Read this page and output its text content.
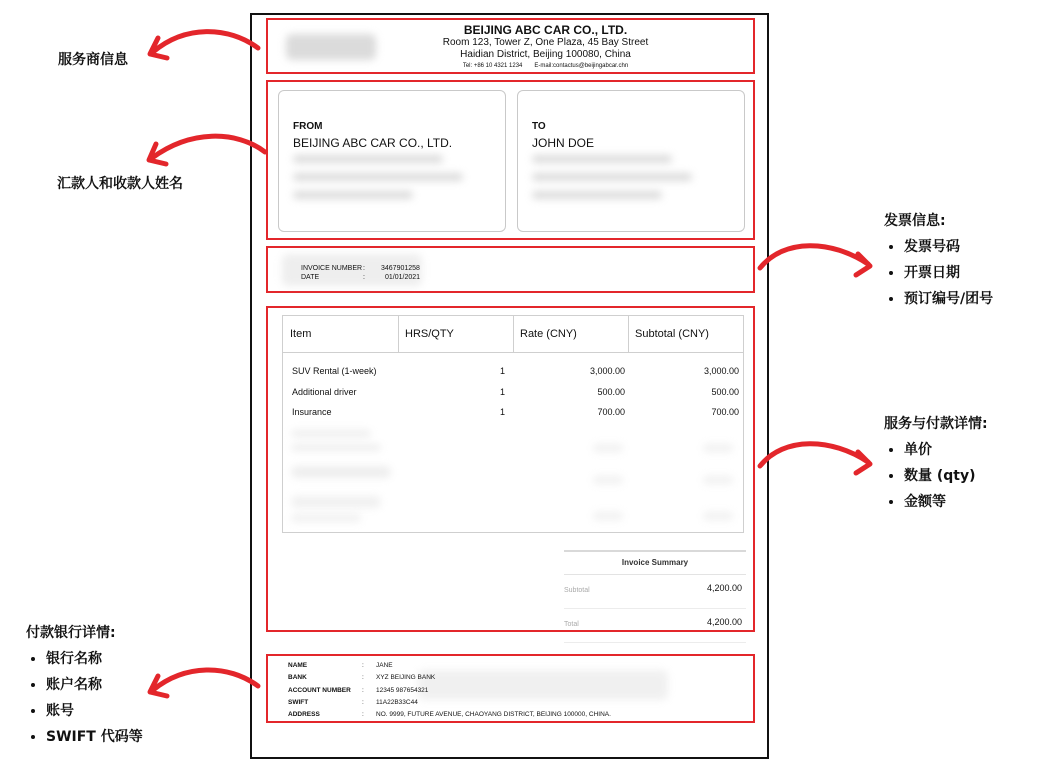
BEIJING ABC CAR CO., LTD.
Room 123, Tower Z, One Plaza, 45 Bay Street
Haidian District, Beijing 100080, China
Tel: +86 10 4321 1234 E-mail:contactus@beijingabcar.chn
FROM
BEIJING ABC CAR CO., LTD.
TO
JOHN DOE
INVOICE NUMBER : 3467901258
DATE	:	01/01/2021
Item	HRS/QTY	Rate (CNY)	Subtotal (CNY)
SUV Rental (1-week)	1	3,000.00	3,000.00
Additional driver	1	500.00	500.00
Insurance	1	700.00	700.00
Invoice Summary
Subtotal	4,200.00
Total	4,200.00
NAME	: JANE
BANK	: XYZ BEIJING BANK
ACCOUNT NUMBER : 12345 987654321
SWIFT	: 11A22B33C44
ADDRESS	: NO. 9999, FUTURE AVENUE, CHAOYANG DISTRICT, BEIJING 100000, CHINA.
服务商信息
汇款人和收款人姓名
发票信息:
• 发票号码
• 开票日期
• 预订编号/团号
服务与付款详情:
• 单价
• 数量 (qty)
• 金额等
付款银行详情:
• 银行名称
• 账户名称
• 账号
• SWIFT 代码等
